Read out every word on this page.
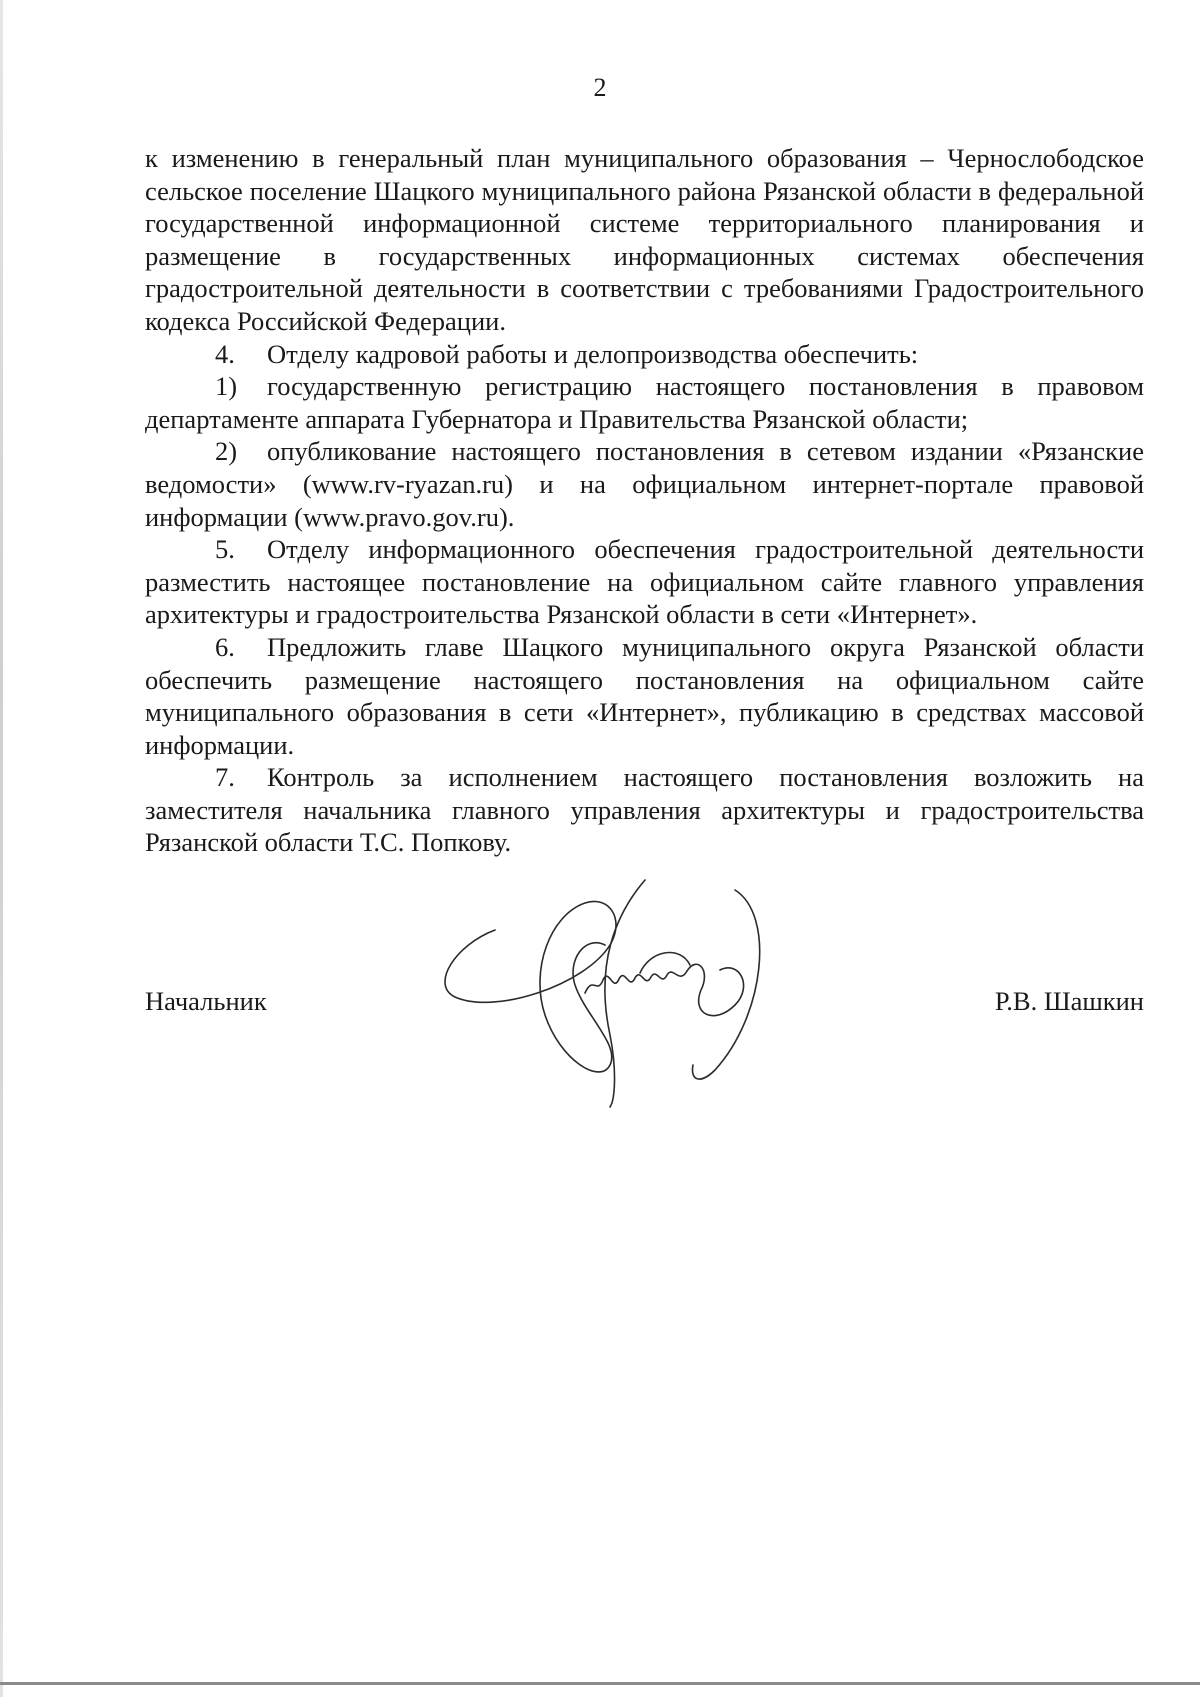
2

к изменению в генеральный план муниципального образования – Чернослободское сельское поселение Шацкого муниципального района Рязанской области в федеральной государственной информационной системе территориального планирования и размещение в государственных информационных системах обеспечения градостроительной деятельности в соответствии с требованиями Градостроительного кодекса Российской Федерации.

4. Отделу кадровой работы и делопроизводства обеспечить:

1) государственную регистрацию настоящего постановления в правовом департаменте аппарата Губернатора и Правительства Рязанской области;

2) опубликование настоящего постановления в сетевом издании «Рязанские ведомости» (www.rv-ryazan.ru) и на официальном интернет-портале правовой информации (www.pravo.gov.ru).

5. Отделу информационного обеспечения градостроительной деятельности разместить настоящее постановление на официальном сайте главного управления архитектуры и градостроительства Рязанской области в сети «Интернет».

6. Предложить главе Шацкого муниципального округа Рязанской области обеспечить размещение настоящего постановления на официальном сайте муниципального образования в сети «Интернет», публикацию в средствах массовой информации.

7. Контроль за исполнением настоящего постановления возложить на заместителя начальника главного управления архитектуры и градостроительства Рязанской области Т.С. Попкову.

Начальник	Р.В. Шашкин
